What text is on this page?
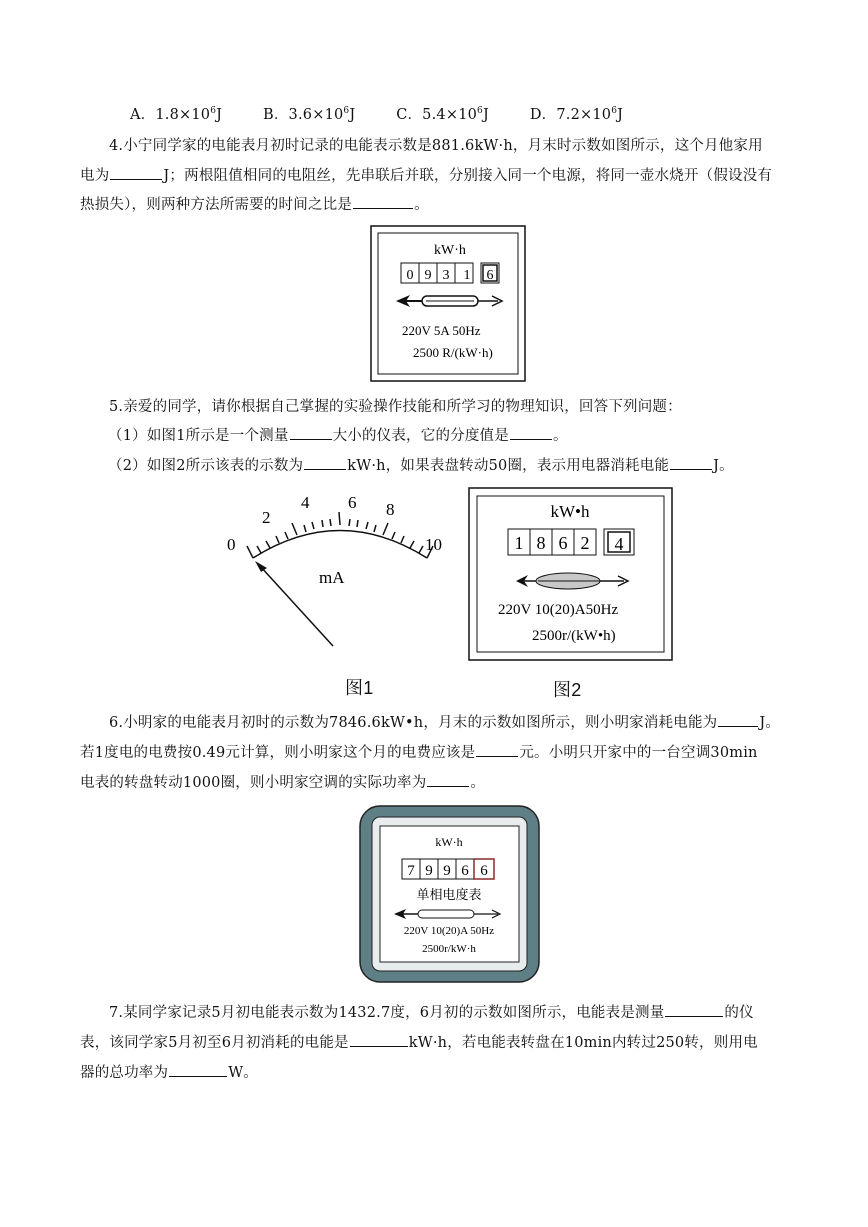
A．$1.8\times 10^6J$	B．$3.6\times 10^6J$	C．$5.4\times 10^6J$	D．$7.2\times 10^6J$
4.小宁同学家的电能表月初时记录的电能表示数是881.6kW·h，月末时示数如图所示，这个月他家用
电为	J；两根阻值相同的电阻丝，先串联后并联，分别接入同一个电源，将同一壶水烧开（假设没有
热损失），则两种方法所需要的时间之比是	。
kW·h
0 9 3 1 6
220V 5A 50Hz
2500 R/(kW·h)
5.亲爱的同学，请你根据自己掌握的实验操作技能和所学习的物理知识，回答下列问题：
（1）如图1所示是一个测量	大小的仪表，它的分度值是	。
（2）如图2所示该表的示数为	kW·h，如果表盘转动50圈，表示用电器消耗电能	J。
0
2
4 6 8
10
mA
图1
kW•h
1 8 6 2 4
220V 10(20)A50Hz
2500r/(kW•h)
图2
6.小明家的电能表月初时的示数为7846.6kW•h，月末的示数如图所示，则小明家消耗电能为	J。
若1度电的电费按0.49元计算，则小明家这个月的电费应该是	元。小明只开家中的一台空调30min
电表的转盘转动1000圈，则小明家空调的实际功率为	。
kW·h
7 9 9 6 6
单相电度表
220V 10(20)A 50Hz
2500r/kW·h
7.某同学家记录5月初电能表示数为1432.7度，6月初的示数如图所示，电能表是测量	的仪
表，该同学家5月初至6月初消耗的电能是	kW·h，若电能表转盘在10min内转过250转，则用电
器的总功率为	W。
